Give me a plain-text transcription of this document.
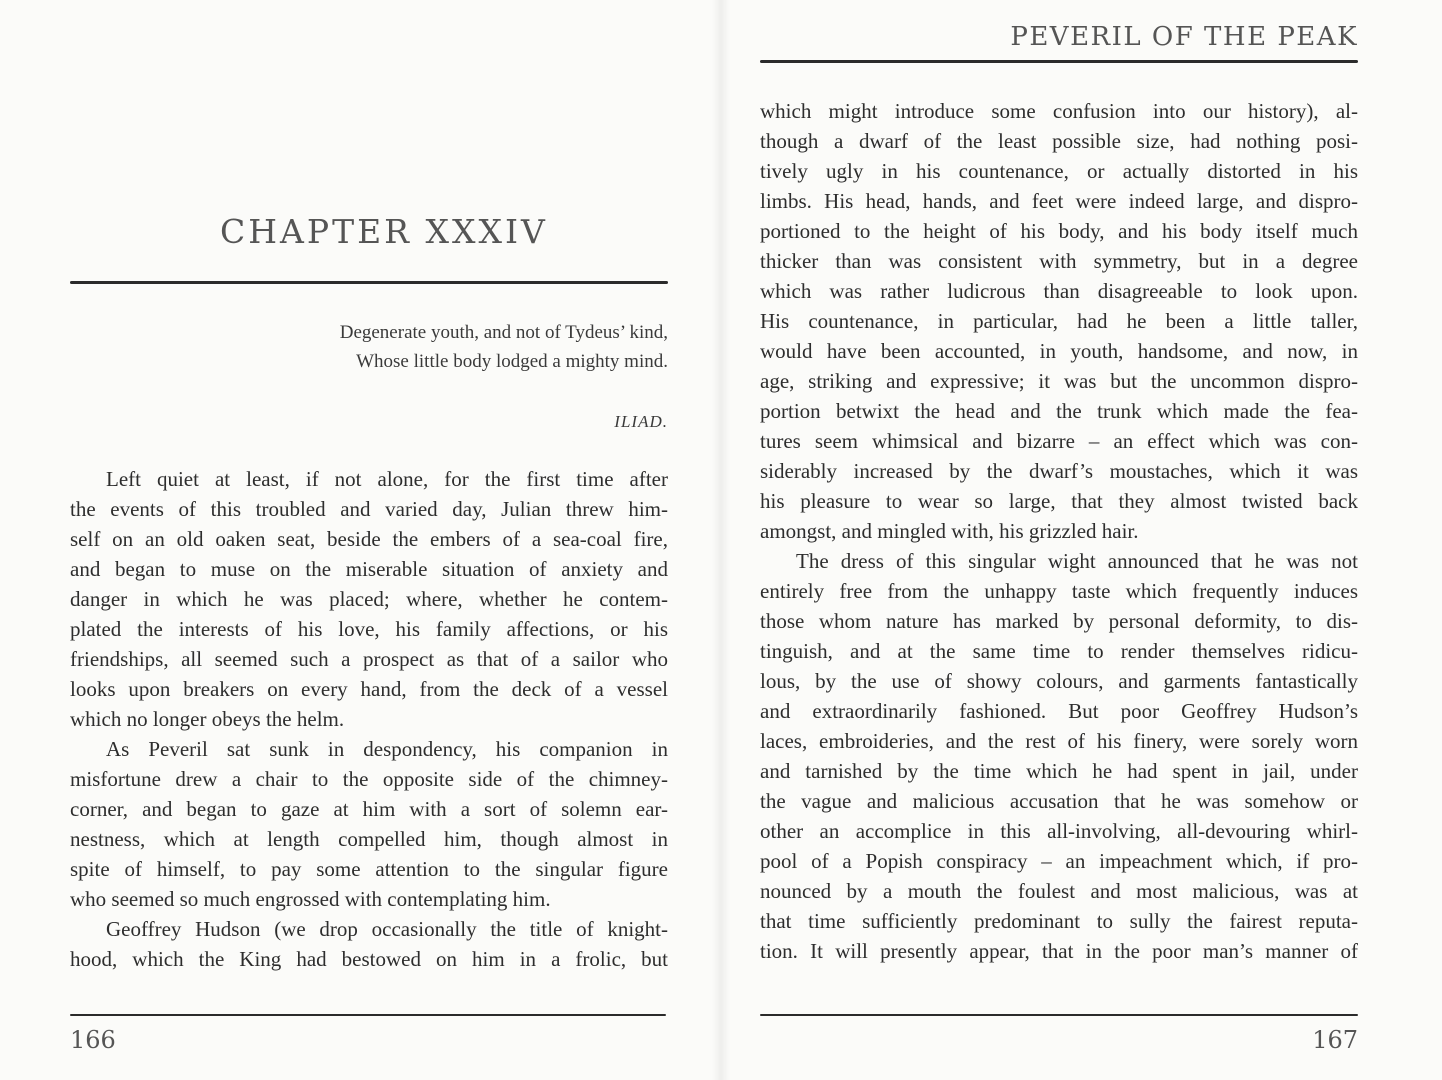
CHAPTER XXXIV
Degenerate youth, and not of Tydeus’ kind,
Whose little body lodged a mighty mind.
ILIAD.
Left quiet at least, if not alone, for the first time after
the events of this troubled and varied day, Julian threw him-
self on an old oaken seat, beside the embers of a sea-coal fire,
and began to muse on the miserable situation of anxiety and
danger in which he was placed; where, whether he contem-
plated the interests of his love, his family affections, or his
friendships, all seemed such a prospect as that of a sailor who
looks upon breakers on every hand, from the deck of a vessel
which no longer obeys the helm.
As Peveril sat sunk in despondency, his companion in
misfortune drew a chair to the opposite side of the chimney-
corner, and began to gaze at him with a sort of solemn ear-
nestness, which at length compelled him, though almost in
spite of himself, to pay some attention to the singular figure
who seemed so much engrossed with contemplating him.
Geoffrey Hudson (we drop occasionally the title of knight-
hood, which the King had bestowed on him in a frolic, but
166
PEVERIL OF THE PEAK
which might introduce some confusion into our history), al-
though a dwarf of the least possible size, had nothing posi-
tively ugly in his countenance, or actually distorted in his
limbs. His head, hands, and feet were indeed large, and dispro-
portioned to the height of his body, and his body itself much
thicker than was consistent with symmetry, but in a degree
which was rather ludicrous than disagreeable to look upon.
His countenance, in particular, had he been a little taller,
would have been accounted, in youth, handsome, and now, in
age, striking and expressive; it was but the uncommon dispro-
portion betwixt the head and the trunk which made the fea-
tures seem whimsical and bizarre – an effect which was con-
siderably increased by the dwarf’s moustaches, which it was
his pleasure to wear so large, that they almost twisted back
amongst, and mingled with, his grizzled hair.
The dress of this singular wight announced that he was not
entirely free from the unhappy taste which frequently induces
those whom nature has marked by personal deformity, to dis-
tinguish, and at the same time to render themselves ridicu-
lous, by the use of showy colours, and garments fantastically
and extraordinarily fashioned. But poor Geoffrey Hudson’s
laces, embroideries, and the rest of his finery, were sorely worn
and tarnished by the time which he had spent in jail, under
the vague and malicious accusation that he was somehow or
other an accomplice in this all-involving, all-devouring whirl-
pool of a Popish conspiracy – an impeachment which, if pro-
nounced by a mouth the foulest and most malicious, was at
that time sufficiently predominant to sully the fairest reputa-
tion. It will presently appear, that in the poor man’s manner of
167
